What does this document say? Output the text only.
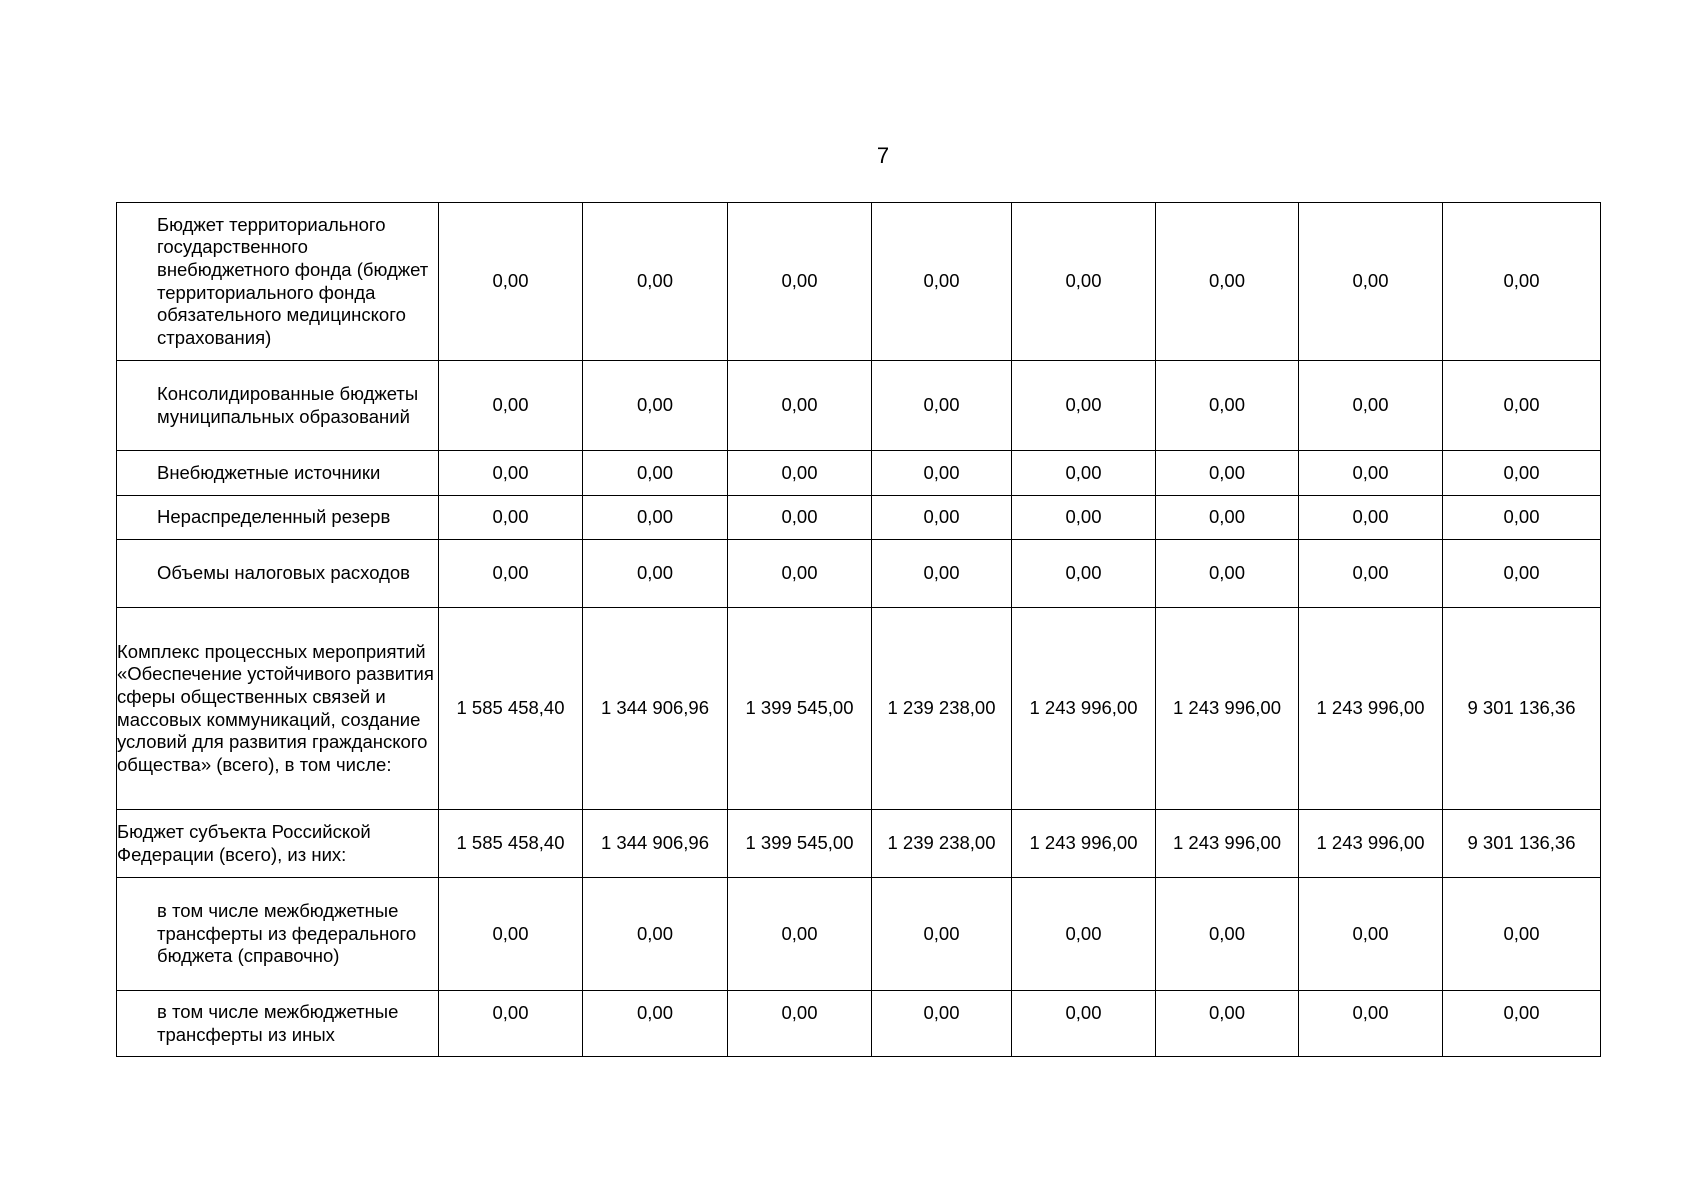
7
Бюджет территориального государственного внебюджетного фонда (бюджет территориального фонда обязательного медицинского страхования)	0,00	0,00	0,00	0,00	0,00	0,00	0,00	0,00
Консолидированные бюджеты муниципальных образований	0,00	0,00	0,00	0,00	0,00	0,00	0,00	0,00
Внебюджетные источники	0,00	0,00	0,00	0,00	0,00	0,00	0,00	0,00
Нераспределенный резерв	0,00	0,00	0,00	0,00	0,00	0,00	0,00	0,00
Объемы налоговых расходов	0,00	0,00	0,00	0,00	0,00	0,00	0,00	0,00
Комплекс процессных мероприятий «Обеспечение устойчивого развития сферы общественных связей и массовых коммуникаций, создание условий для развития гражданского общества» (всего), в том числе:	1 585 458,40	1 344 906,96	1 399 545,00	1 239 238,00	1 243 996,00	1 243 996,00	1 243 996,00	9 301 136,36
Бюджет субъекта Российской Федерации (всего), из них:	1 585 458,40	1 344 906,96	1 399 545,00	1 239 238,00	1 243 996,00	1 243 996,00	1 243 996,00	9 301 136,36
в том числе межбюджетные трансферты из федерального бюджета (справочно)	0,00	0,00	0,00	0,00	0,00	0,00	0,00	0,00
в том числе межбюджетные трансферты из иных	0,00	0,00	0,00	0,00	0,00	0,00	0,00	0,00
